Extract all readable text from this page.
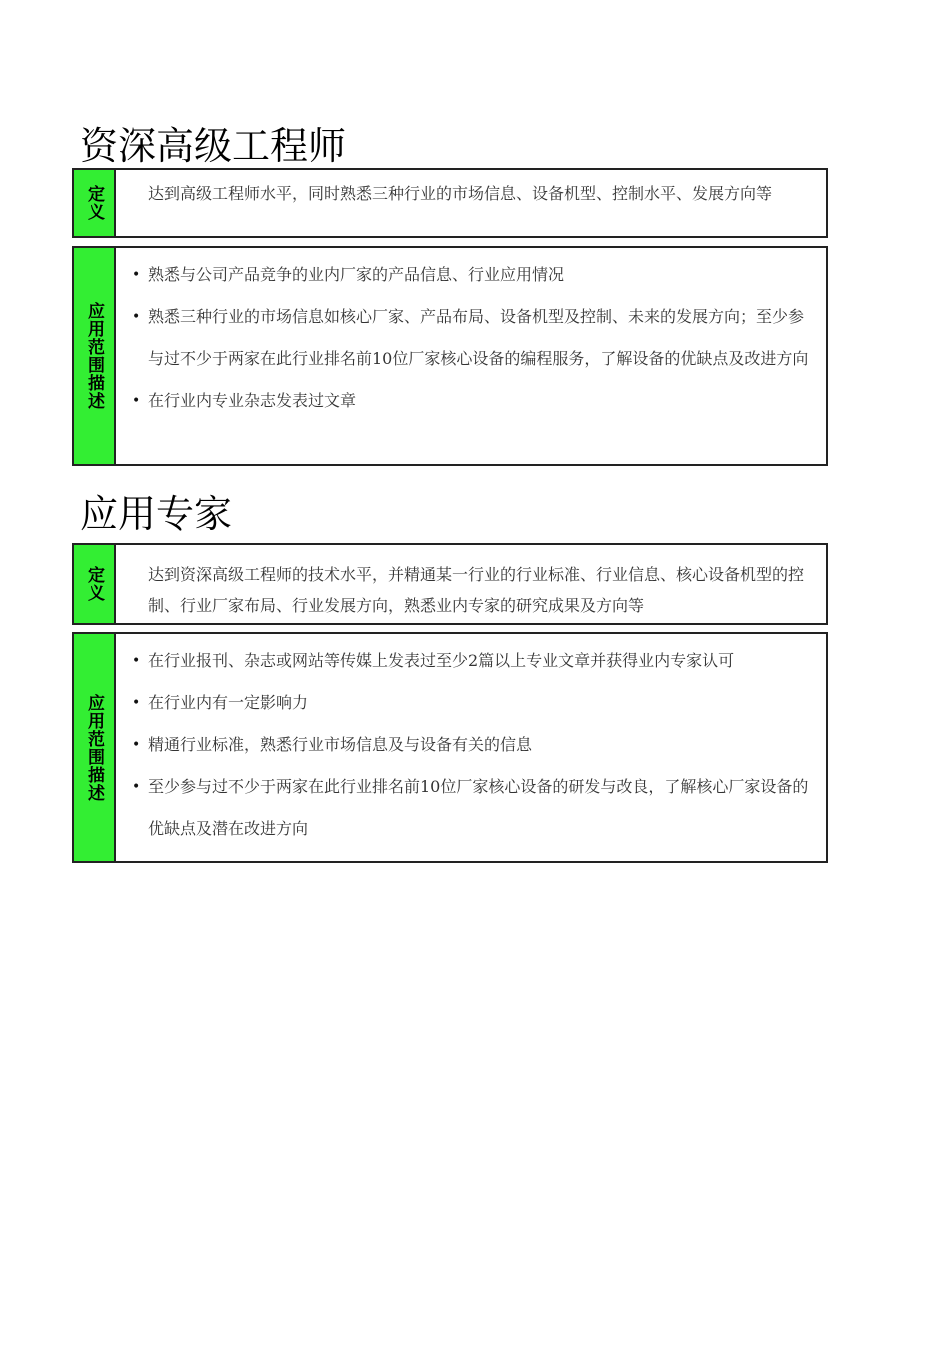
资深高级工程师
定义	达到高级工程师水平，同时熟悉三种行业的市场信息、设备机型、控制水平、发展方向等

应用范围描述
• 熟悉与公司产品竞争的业内厂家的产品信息、行业应用情况
• 熟悉三种行业的市场信息如核心厂家、产品布局、设备机型及控制、未来的发展方向；至少参与过不少于两家在此行业排名前10位厂家核心设备的编程服务，了解设备的优缺点及改进方向
• 在行业内专业杂志发表过文章
应用专家
定义	达到资深高级工程师的技术水平，并精通某一行业的行业标准、行业信息、核心设备机型的控制、行业厂家布局、行业发展方向，熟悉业内专家的研究成果及方向等

应用范围描述
• 在行业报刊、杂志或网站等传媒上发表过至少2篇以上专业文章并获得业内专家认可
• 在行业内有一定影响力
• 精通行业标准，熟悉行业市场信息及与设备有关的信息
• 至少参与过不少于两家在此行业排名前10位厂家核心设备的研发与改良，了解核心厂家设备的优缺点及潜在改进方向
